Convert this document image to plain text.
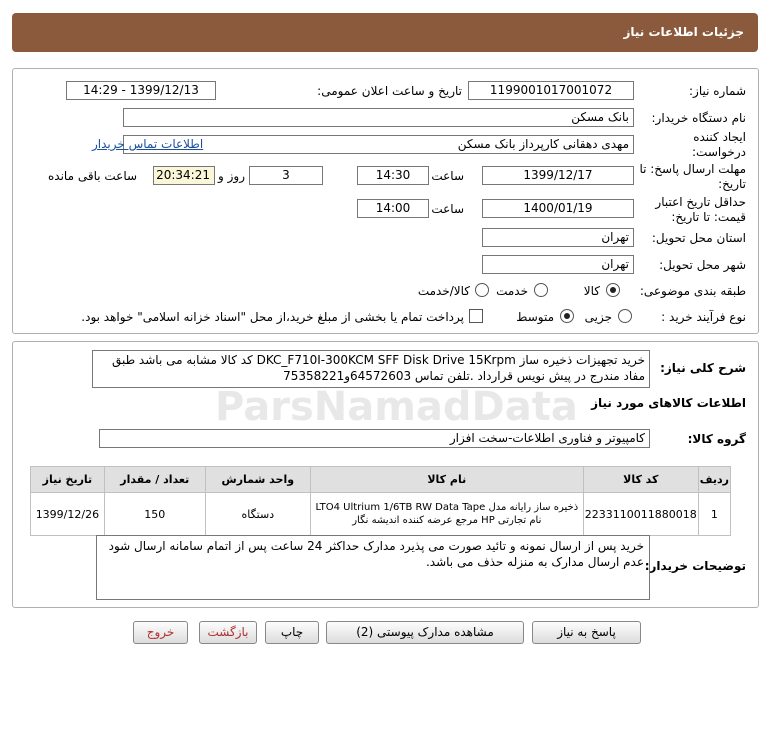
جزئیات اطلاعات نیاز
شماره نیاز:
1199001017001072
تاریخ و ساعت اعلان عمومی:
1399/12/13 - 14:29
نام دستگاه خریدار:
بانک مسکن
ایجاد کننده درخواست:
مهدی دهقانی کارپرداز بانک مسکن
اطلاعات تماس خریدار
مهلت ارسال پاسخ: تا تاریخ:
1399/12/17
ساعت
14:30
3
روز و
20:34:21
ساعت باقی مانده
حداقل تاریخ اعتبار قیمت: تا تاریخ:
1400/01/19
ساعت
14:00
استان محل تحویل:
تهران
شهر محل تحویل:
تهران
طبقه بندی موضوعی:
کالا
خدمت
کالا/خدمت
نوع فرآیند خرید :
جزیی
متوسط
پرداخت تمام یا بخشی از مبلغ خرید،از محل "اسناد خزانه اسلامی" خواهد بود.
شرح کلی نیاز:
خرید تجهیزات ذخیره ساز DKC_F710I-300KCM SFF Disk Drive 15Krpm کد کالا مشابه می باشد طبق مفاد مندرج در پیش نویس قرارداد .تلفن تماس 64572603و75358221
اطلاعات کالاهای مورد نیاز
گروه کالا:
کامپیوتر و فناوری اطلاعات-سخت افزار
ردیف	کد کالا	نام کالا	واحد شمارش	تعداد / مقدار	تاریخ نیاز
1	2233110011880018	ذخیره ساز رایانه مدل LTO4 Ultrium 1/6TB RW Data Tape نام تجارتی HP مرجع عرضه کننده اندیشه نگار	دستگاه	150	1399/12/26
توضیحات خریدار:
خرید پس از ارسال نمونه و تائید صورت می پذیرد مدارک حداکثر 24 ساعت پس از اتمام سامانه ارسال شود عدم ارسال مدارک به منزله حذف می باشد.
پاسخ به نیاز
مشاهده مدارک پیوستی (2)
چاپ
بازگشت
خروج
ParsNamadData
